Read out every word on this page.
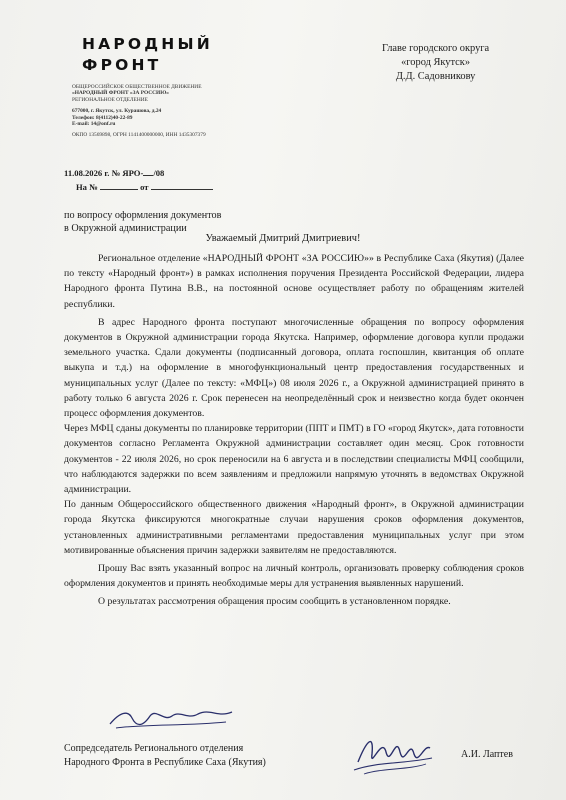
НАРОДНЫЙ
ФРОНТ
ОБЩЕРОССИЙСКОЕ ОБЩЕСТВЕННОЕ ДВИЖЕНИЕ
«НАРОДНЫЙ ФРОНТ «ЗА РОССИЮ»
РЕГИОНАЛЬНОЕ ОТДЕЛЕНИЕ
677000, г. Якутск, ул. Курашова, д.24
Телефон: 8(4112)40-22-89
E-mail: 14@onf.ru
ОКПО 13569898, ОГРН 1141400000000, ИНН 1435307379
Главе городского округа
«город Якутск»
Д.Д. Садовникову
11.08.2026 г. № ЯРО- /08
На №	от
по вопросу оформления документов
в Окружной администрации
Уважаемый Дмитрий Дмитриевич!

Региональное отделение «НАРОДНЫЙ ФРОНТ «ЗА РОССИЮ»» в Республике Саха (Якутия) (Далее по тексту «Народный фронт») в рамках исполнения поручения Президента Российской Федерации, лидера Народного фронта Путина В.В., на постоянной основе осуществляет работу по обращениям жителей республики.

В адрес Народного фронта поступают многочисленные обращения по вопросу оформления документов в Окружной администрации города Якутска. Например, оформление договора купли продажи земельного участка. Сдали документы (подписанный договора, оплата госпошлин, квитанция об оплате выкупа и т.д.) на оформление в многофункциональный центр предоставления государственных и муниципальных услуг (Далее по тексту: «МФЦ») 08 июля 2026 г., а Окружной администрацией принято в работу только 6 августа 2026 г. Срок перенесен на неопределённый срок и неизвестно когда будет окончен процесс оформления документов.

Через МФЦ сданы документы по планировке территории (ППТ и ПМТ) в ГО «город Якутск», дата готовности документов согласно Регламента Окружной администрации составляет один месяц. Срок готовности документов - 22 июля 2026, но срок переносили на 6 августа и в последствии специалисты МФЦ сообщили, что наблюдаются задержки по всем заявлениям и предложили напрямую уточнять в ведомствах Окружной администрации.

По данным Общероссийского общественного движения «Народный фронт», в Окружной администрации города Якутска фиксируются многократные случаи нарушения сроков оформления документов, установленных административными регламентами предоставления муниципальных услуг при этом мотивированные объяснения причин задержки заявителям не предоставляются.

Прошу Вас взять указанный вопрос на личный контроль, организовать проверку соблюдения сроков оформления документов и принять необходимые меры для устранения выявленных нарушений.

О результатах рассмотрения обращения просим сообщить в установленном порядке.

Сопредседатель Регионального отделения
Народного Фронта в Республике Саха (Якутия)
А.И. Лаптев
